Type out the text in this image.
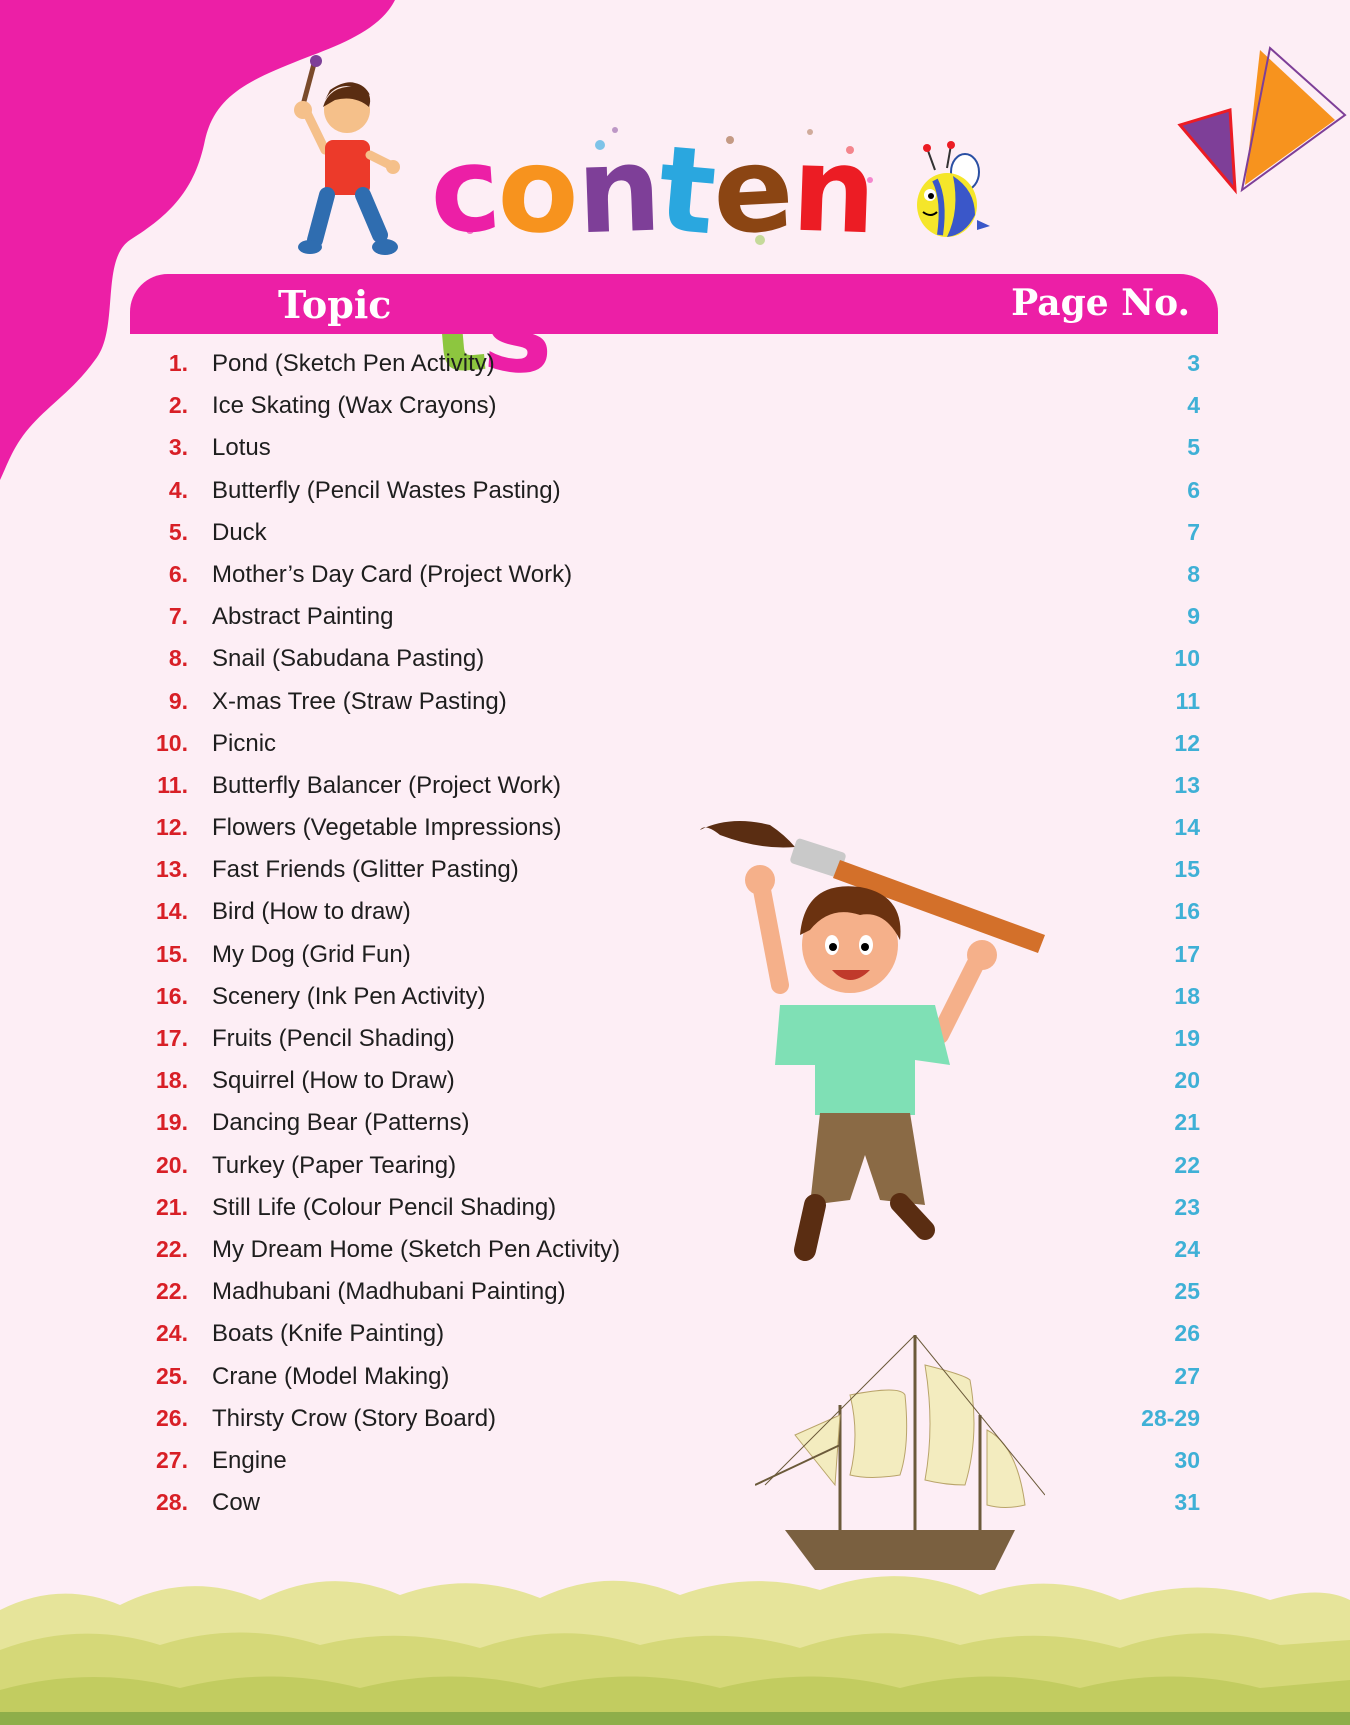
conten
Topic	Page No.
1. Pond (Sketch Pen Activity)	3
2. Ice Skating (Wax Crayons)	4
3. Lotus	5
4. Butterfly (Pencil Wastes Pasting)	6
5. Duck	7
6. Mother’s Day Card (Project Work)	8
7. Abstract Painting	9
8. Snail (Sabudana Pasting)	10
9. X-mas Tree (Straw Pasting)	11
10. Picnic	12
11. Butterfly Balancer (Project Work)	13
12. Flowers (Vegetable Impressions)	14
13. Fast Friends (Glitter Pasting)	15
14. Bird (How to draw)	16
15. My Dog (Grid Fun)	17
16. Scenery (Ink Pen Activity)	18
17. Fruits (Pencil Shading)	19
18. Squirrel (How to Draw)	20
19. Dancing Bear (Patterns)	21
20. Turkey (Paper Tearing)	22
21. Still Life (Colour Pencil Shading)	23
22. My Dream Home (Sketch Pen Activity)	24
22. Madhubani (Madhubani Painting)	25
24. Boats (Knife Painting)	26
25. Crane (Model Making)	27
26. Thirsty Crow (Story Board)	28-29
27. Engine	30
28. Cow	31
